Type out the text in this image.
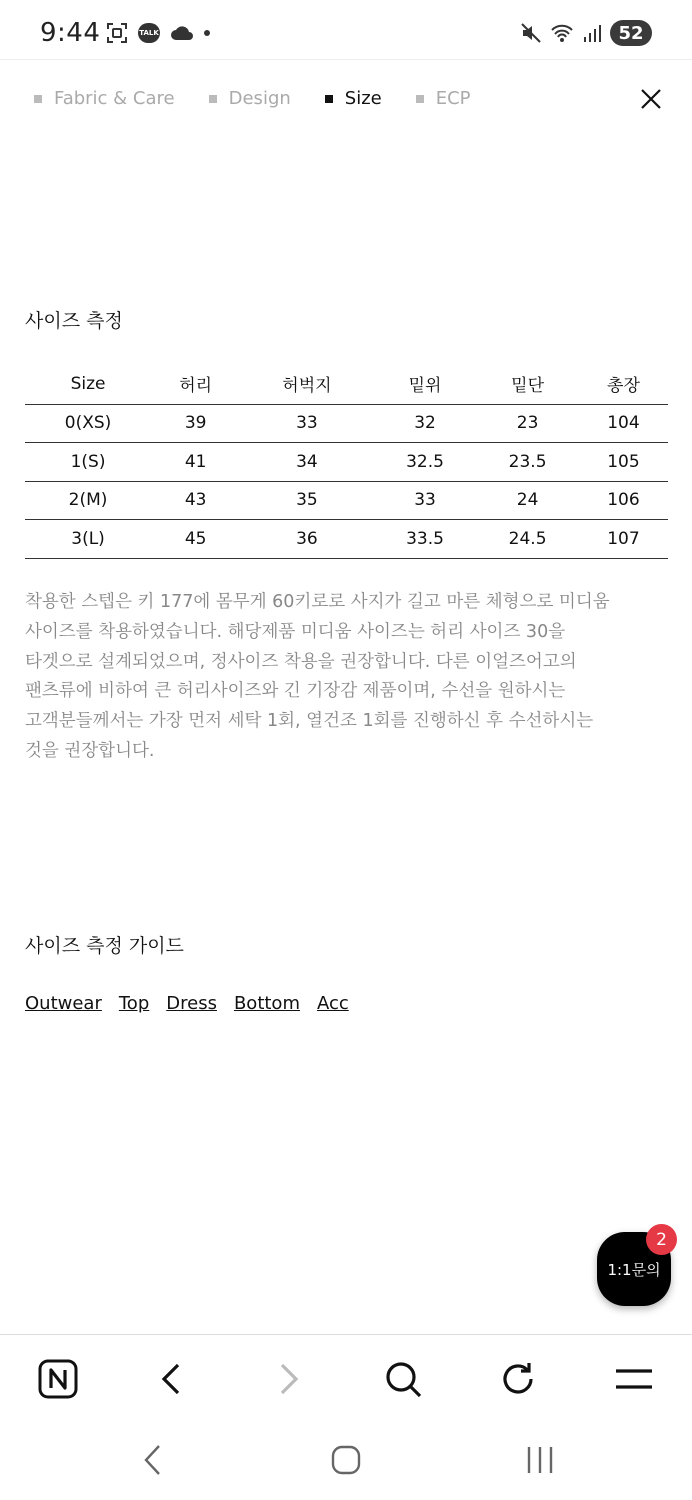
9:44	TALK	52
Fabric & Care	Design	Size	ECP
사이즈 측정
Size	허리	허벅지	밑위	밑단	총장
0(XS)	39	33	32	23	104
1(S)	41	34	32.5	23.5	105
2(M)	43	35	33	24	106
3(L)	45	36	33.5	24.5	107
착용한 스텝은 키 177에 몸무게 60키로로 사지가 길고 마른 체형으로 미디움
사이즈를 착용하였습니다. 해당제품 미디움 사이즈는 허리 사이즈 30을
타겟으로 설계되었으며, 정사이즈 착용을 권장합니다. 다른 이얼즈어고의
팬츠류에 비하여 큰 허리사이즈와 긴 기장감 제품이며, 수선을 원하시는
고객분들께서는 가장 먼저 세탁 1회, 열건조 1회를 진행하신 후 수선하시는
것을 권장합니다.
사이즈 측정 가이드
Outwear Top Dress Bottom Acc
1:1문의
2
